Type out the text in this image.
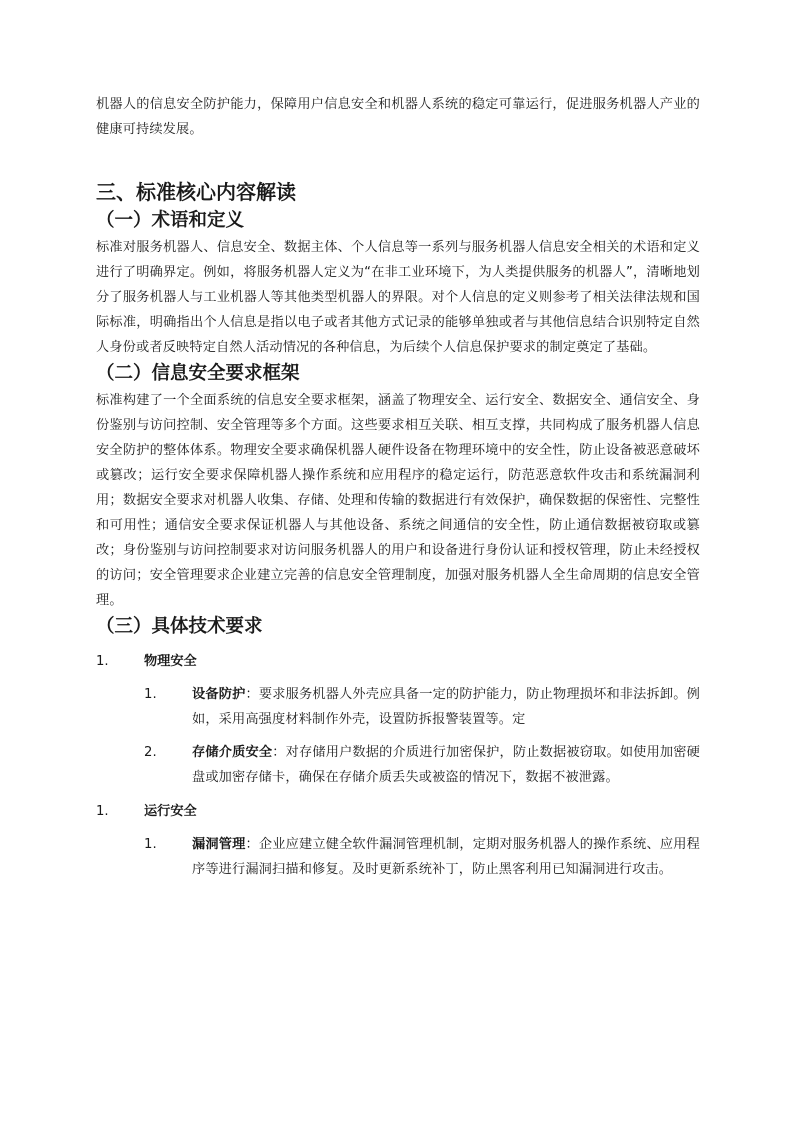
机器人的信息安全防护能力，保障用户信息安全和机器人系统的稳定可靠运行，促进服务机器人产业的健康可持续发展。

三、标准核心内容解读
（一）术语和定义

标准对服务机器人、信息安全、数据主体、个人信息等一系列与服务机器人信息安全相关的术语和定义进行了明确界定。例如，将服务机器人定义为“在非工业环境下，为人类提供服务的机器人”，清晰地划分了服务机器人与工业机器人等其他类型机器人的界限。对个人信息的定义则参考了相关法律法规和国际标准，明确指出个人信息是指以电子或者其他方式记录的能够单独或者与其他信息结合识别特定自然人身份或者反映特定自然人活动情况的各种信息，为后续个人信息保护要求的制定奠定了基础。

（二）信息安全要求框架

标准构建了一个全面系统的信息安全要求框架，涵盖了物理安全、运行安全、数据安全、通信安全、身份鉴别与访问控制、安全管理等多个方面。这些要求相互关联、相互支撑，共同构成了服务机器人信息安全防护的整体体系。物理安全要求确保机器人硬件设备在物理环境中的安全性，防止设备被恶意破坏或篡改；运行安全要求保障机器人操作系统和应用程序的稳定运行，防范恶意软件攻击和系统漏洞利用；数据安全要求对机器人收集、存储、处理和传输的数据进行有效保护，确保数据的保密性、完整性和可用性；通信安全要求保证机器人与其他设备、系统之间通信的安全性，防止通信数据被窃取或篡改；身份鉴别与访问控制要求对访问服务机器人的用户和设备进行身份认证和授权管理，防止未经授权的访问；安全管理要求企业建立完善的信息安全管理制度，加强对服务机器人全生命周期的信息安全管理。

（三）具体技术要求
1.	物理安全
1.	设备防护：要求服务机器人外壳应具备一定的防护能力，防止物理损坏和非法拆卸。例如，采用高强度材料制作外壳，设置防拆报警装置等。定
2.	存储介质安全：对存储用户数据的介质进行加密保护，防止数据被窃取。如使用加密硬盘或加密存储卡，确保在存储介质丢失或被盗的情况下，数据不被泄露。
1.	运行安全
1.	漏洞管理：企业应建立健全软件漏洞管理机制，定期对服务机器人的操作系统、应用程序等进行漏洞扫描和修复。及时更新系统补丁，防止黑客利用已知漏洞进行攻击。
